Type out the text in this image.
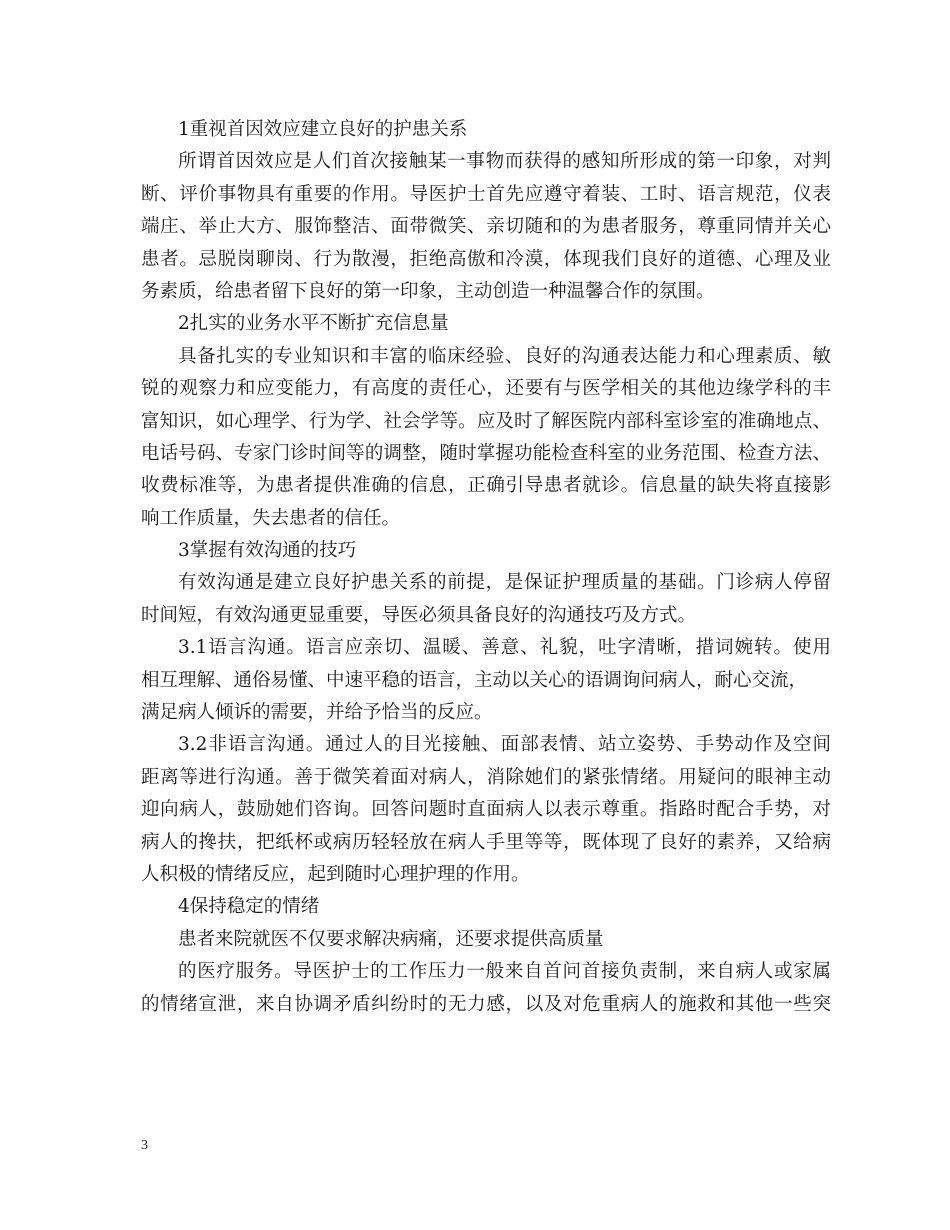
1重视首因效应建立良好的护患关系
所谓首因效应是人们首次接触某一事物而获得的感知所形成的第一印象，对判
断、评价事物具有重要的作用。导医护士首先应遵守着装、工时、语言规范，仪表
端庄、举止大方、服饰整洁、面带微笑、亲切随和的为患者服务，尊重同情并关心
患者。忌脱岗聊岗、行为散漫，拒绝高傲和冷漠，体现我们良好的道德、心理及业
务素质，给患者留下良好的第一印象，主动创造一种温馨合作的氛围。
2扎实的业务水平不断扩充信息量
具备扎实的专业知识和丰富的临床经验、良好的沟通表达能力和心理素质、敏
锐的观察力和应变能力，有高度的责任心，还要有与医学相关的其他边缘学科的丰
富知识，如心理学、行为学、社会学等。应及时了解医院内部科室诊室的准确地点、
电话号码、专家门诊时间等的调整，随时掌握功能检查科室的业务范围、检查方法、
收费标准等，为患者提供准确的信息，正确引导患者就诊。信息量的缺失将直接影
响工作质量，失去患者的信任。
3掌握有效沟通的技巧
有效沟通是建立良好护患关系的前提，是保证护理质量的基础。门诊病人停留
时间短，有效沟通更显重要，导医必须具备良好的沟通技巧及方式。
3.1语言沟通。语言应亲切、温暖、善意、礼貌，吐字清晰，措词婉转。使用
相互理解、通俗易懂、中速平稳的语言，主动以关心的语调询问病人，耐心交流，
满足病人倾诉的需要，并给予恰当的反应。
3.2非语言沟通。通过人的目光接触、面部表情、站立姿势、手势动作及空间
距离等进行沟通。善于微笑着面对病人，消除她们的紧张情绪。用疑问的眼神主动
迎向病人，鼓励她们咨询。回答问题时直面病人以表示尊重。指路时配合手势，对
病人的搀扶，把纸杯或病历轻轻放在病人手里等等，既体现了良好的素养，又给病
人积极的情绪反应，起到随时心理护理的作用。
4保持稳定的情绪
患者来院就医不仅要求解决病痛，还要求提供高质量
的医疗服务。导医护士的工作压力一般来自首问首接负责制，来自病人或家属
的情绪宣泄，来自协调矛盾纠纷时的无力感，以及对危重病人的施救和其他一些突
3
